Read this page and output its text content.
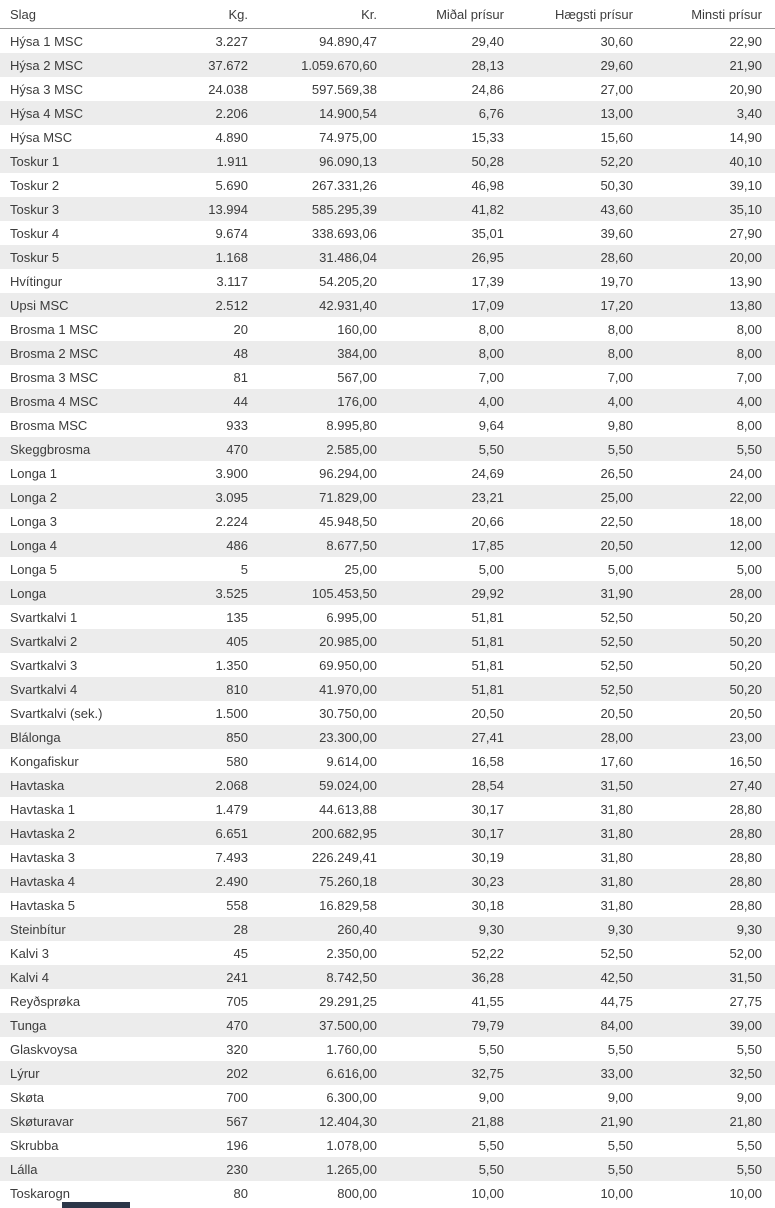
Slag	Kg.	Kr.	Miðal prísur	Hægsti prísur	Minsti prísur
Hýsa 1 MSC	3.227	94.890,47	29,40	30,60	22,90
Hýsa 2 MSC	37.672	1.059.670,60	28,13	29,60	21,90
Hýsa 3 MSC	24.038	597.569,38	24,86	27,00	20,90
Hýsa 4 MSC	2.206	14.900,54	6,76	13,00	3,40
Hýsa MSC	4.890	74.975,00	15,33	15,60	14,90
Toskur 1	1.911	96.090,13	50,28	52,20	40,10
Toskur 2	5.690	267.331,26	46,98	50,30	39,10
Toskur 3	13.994	585.295,39	41,82	43,60	35,10
Toskur 4	9.674	338.693,06	35,01	39,60	27,90
Toskur 5	1.168	31.486,04	26,95	28,60	20,00
Hvítingur	3.117	54.205,20	17,39	19,70	13,90
Upsi MSC	2.512	42.931,40	17,09	17,20	13,80
Brosma 1 MSC	20	160,00	8,00	8,00	8,00
Brosma 2 MSC	48	384,00	8,00	8,00	8,00
Brosma 3 MSC	81	567,00	7,00	7,00	7,00
Brosma 4 MSC	44	176,00	4,00	4,00	4,00
Brosma MSC	933	8.995,80	9,64	9,80	8,00
Skeggbrosma	470	2.585,00	5,50	5,50	5,50
Longa 1	3.900	96.294,00	24,69	26,50	24,00
Longa 2	3.095	71.829,00	23,21	25,00	22,00
Longa 3	2.224	45.948,50	20,66	22,50	18,00
Longa 4	486	8.677,50	17,85	20,50	12,00
Longa 5	5	25,00	5,00	5,00	5,00
Longa	3.525	105.453,50	29,92	31,90	28,00
Svartkalvi 1	135	6.995,00	51,81	52,50	50,20
Svartkalvi 2	405	20.985,00	51,81	52,50	50,20
Svartkalvi 3	1.350	69.950,00	51,81	52,50	50,20
Svartkalvi 4	810	41.970,00	51,81	52,50	50,20
Svartkalvi (sek.)	1.500	30.750,00	20,50	20,50	20,50
Blálonga	850	23.300,00	27,41	28,00	23,00
Kongafiskur	580	9.614,00	16,58	17,60	16,50
Havtaska	2.068	59.024,00	28,54	31,50	27,40
Havtaska 1	1.479	44.613,88	30,17	31,80	28,80
Havtaska 2	6.651	200.682,95	30,17	31,80	28,80
Havtaska 3	7.493	226.249,41	30,19	31,80	28,80
Havtaska 4	2.490	75.260,18	30,23	31,80	28,80
Havtaska 5	558	16.829,58	30,18	31,80	28,80
Steinbítur	28	260,40	9,30	9,30	9,30
Kalvi 3	45	2.350,00	52,22	52,50	52,00
Kalvi 4	241	8.742,50	36,28	42,50	31,50
Reyðsprøka	705	29.291,25	41,55	44,75	27,75
Tunga	470	37.500,00	79,79	84,00	39,00
Glaskvoysa	320	1.760,00	5,50	5,50	5,50
Lýrur	202	6.616,00	32,75	33,00	32,50
Skøta	700	6.300,00	9,00	9,00	9,00
Skøturavar	567	12.404,30	21,88	21,90	21,80
Skrubba	196	1.078,00	5,50	5,50	5,50
Lálla	230	1.265,00	5,50	5,50	5,50
Toskarogn	80	800,00	10,00	10,00	10,00
